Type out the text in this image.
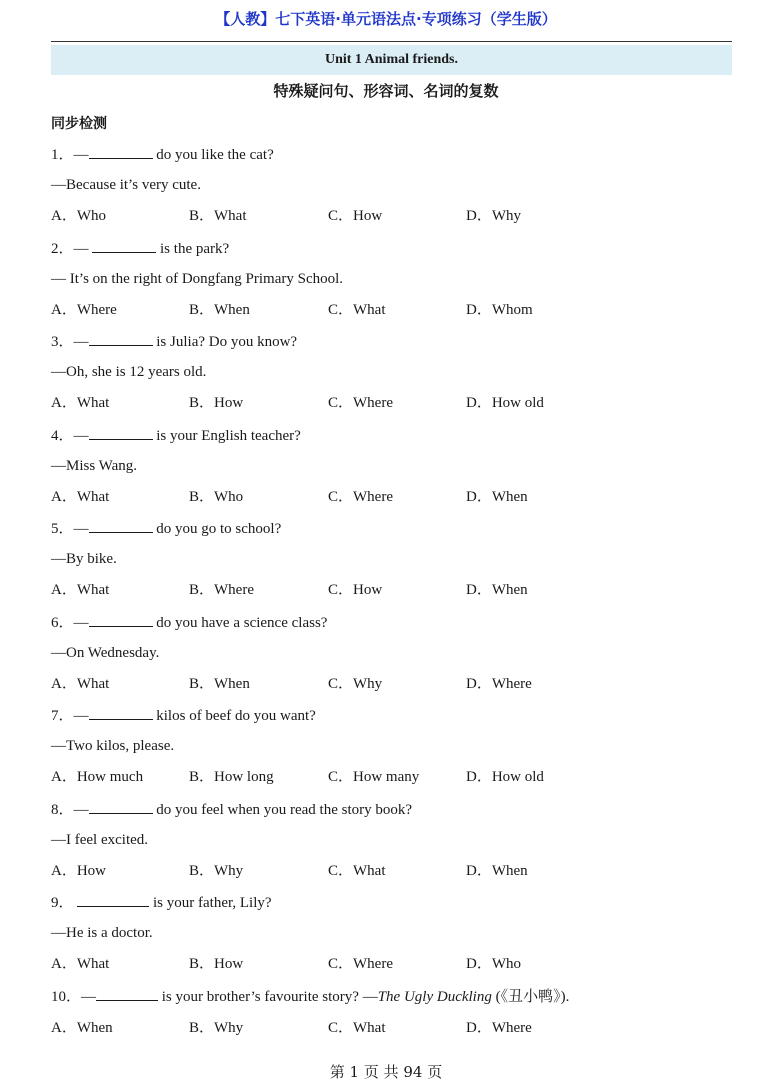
【人教】七下英语·单元语法点·专项练习（学生版）
Unit 1 Animal friends.
特殊疑问句、形容词、名词的复数
同步检测
1．—	do you like the cat?
—Because it’s very cute.
A．Who	B．What	C．How	D．Why
2．—	is the park?
— It’s on the right of Dongfang Primary School.
A．Where	B．When	C．What	D．Whom
3．—	is Julia? Do you know?
—Oh, she is 12 years old.
A．What	B．How	C．Where	D．How old
4．—	is your English teacher?
—Miss Wang.
A．What	B．Who	C．Where	D．When
5．—	do you go to school?
—By bike.
A．What	B．Where	C．How	D．When
6．—	do you have a science class?
—On Wednesday.
A．What	B．When	C．Why	D．Where
7．—	kilos of beef do you want?
—Two kilos, please.
A．How much	B．How long	C．How many	D．How old
8．—	do you feel when you read the story book?
—I feel excited.
A．How	B．Why	C．What	D．When
9．	is your father, Lily?
—He is a doctor.
A．What	B．How	C．Where	D．Who
10．—	is your brother’s favourite story? —The Ugly Duckling (《丑小鸭》).
A．When	B．Why	C．What	D．Where
第 1 页 共 94 页
